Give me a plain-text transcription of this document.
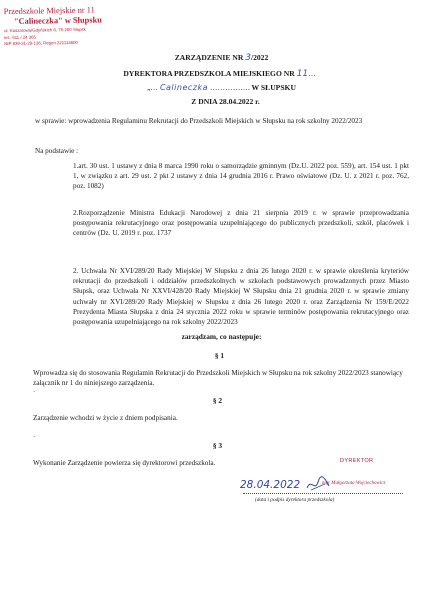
Przedszkole Miejskie nr 11
"Calineczka" w Słupsku
ul. Koszarowa/Gdyńskich 6, 76-200 Słupsk
tel.: 511 / 24 365
NIP 839-31-29-136, Regon 221114600
ZARZĄDZENIE NR 3/2022
DYREKTORA PRZEDSZKOLA MIEJSKIEGO NR 11…
„… Calineczka ……………. W SŁUPSKU
Z DNIA 28.04.2022 r.
w sprawie: wprowadzenia Regulaminu Rekrutacji do Przedszkoli Miejskich w Słupsku na rok szkolny 2022/2023
Na podstawie :
1.art. 30 ust. 1 ustawy z dnia 8 marca 1990 roku o samorządzie gminnym (Dz.U. 2022 poz. 559), art. 154 ust. 1 pkt 1, w związku z art. 29 ust. 2 pkt 2 ustawy z dnia 14 grudnia 2016 r. Prawo oświatowe (Dz. U. z 2021 r. poz. 762, poz. 1082)
2.Rozporządzenie Ministra Edukacji Narodowej z dnia 21 sierpnia 2019 r. w sprawie przeprowadzania postępowania rekrutacyjnego oraz postępowania uzupełniającego do publicznych przedszkoli, szkół, placówek i centrów (Dz. U. 2019 r. poz. 1737
2. Uchwała Nr XVI/289/20 Rady Miejskiej W Słupsku z dnia 26 lutego 2020 r. w sprawie określenia kryteriów rekrutacji do przedszkoli i oddziałów przedszkolnych w szkołach podstawowych prowadzonych przez Miasto Słupsk, oraz Uchwała Nr XXVI/428/20 Rady Miejskiej W Słupsku dnia 21 grudnia 2020 r. w sprawie zmiany uchwały nr XVI/289/20 Rady Miejskiej w Słupsku z dnia 26 lutego 2020 r. oraz Zarządzenia Nr 159/E/2022 Prezydenta Miasta Słupska z dnia 24 stycznia 2022 roku w sprawie terminów postępowania rekrutacyjnego oraz postępowania uzupełniającego na rok szkolny 2022/2023
zarządzam, co następuje:
§ 1
Wprowadza się do stosowania Regulamin Rekrutacji do Przedszkoli Miejskich w Słupsku na rok szkolny 2022/2023 stanowiący załącznik nr 1 do niniejszego zarządzenia.
·
§ 2
Zarządzenie wchodzi w życie z dniem podpisania.
·
§ 3
Wykonanie Zarządzenie powierza się dyrektorowi przedszkola.	DYREKTOR
28.04.2022	mgr Małgorzata Wojciechowicz
(data i podpis dyrektora przedszkola)
